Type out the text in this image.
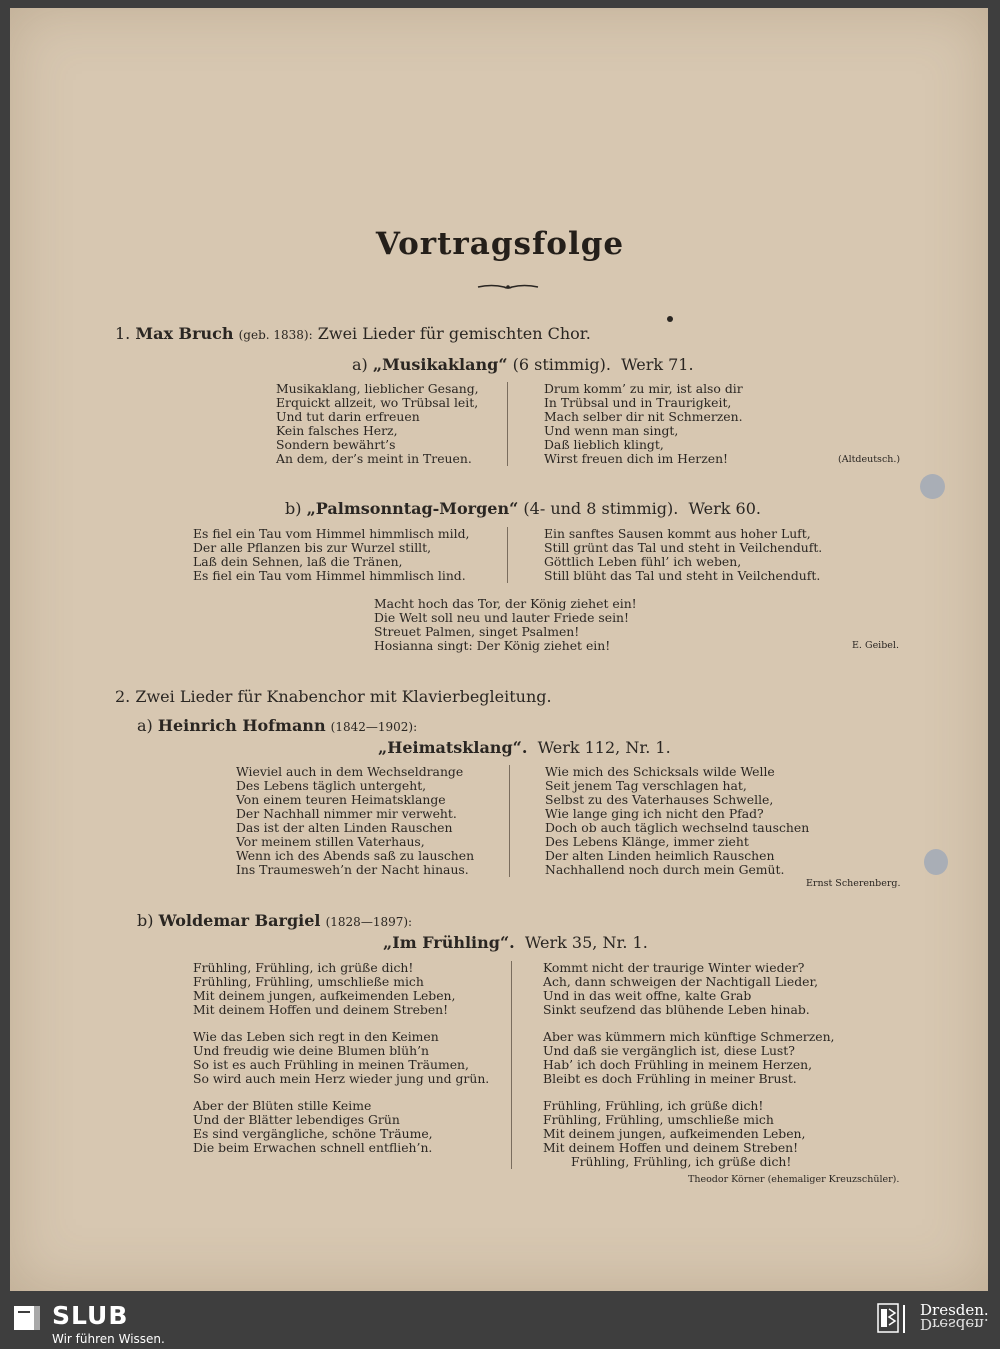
Vortragsfolge
1. Max Bruch (geb. 1838): Zwei Lieder für gemischten Chor.
a) „Musikaklang“ (6 stimmig). Werk 71.
Musikaklang, lieblicher Gesang,
Erquickt allzeit, wo Trübsal leit,
Und tut darin erfreuen
Kein falsches Herz,
Sondern bewährt’s
An dem, der’s meint in Treuen.
Drum komm’ zu mir, ist also dir
In Trübsal und in Traurigkeit,
Mach selber dir nit Schmerzen.
Und wenn man singt,
Daß lieblich klingt,
Wirst freuen dich im Herzen!	(Altdeutsch.)
b) „Palmsonntag-Morgen“ (4- und 8 stimmig). Werk 60.
Es fiel ein Tau vom Himmel himmlisch mild,
Der alle Pflanzen bis zur Wurzel stillt,
Laß dein Sehnen, laß die Tränen,
Es fiel ein Tau vom Himmel himmlisch lind.
Ein sanftes Sausen kommt aus hoher Luft,
Still grünt das Tal und steht in Veilchenduft.
Göttlich Leben fühl’ ich weben,
Still blüht das Tal und steht in Veilchenduft.
Macht hoch das Tor, der König ziehet ein!
Die Welt soll neu und lauter Friede sein!
Streuet Palmen, singet Psalmen!
Hosianna singt: Der König ziehet ein!	E. Geibel.
2. Zwei Lieder für Knabenchor mit Klavierbegleitung.
a) Heinrich Hofmann (1842—1902):
„Heimatsklang“. Werk 112, Nr. 1.
Wieviel auch in dem Wechseldrange
Des Lebens täglich untergeht,
Von einem teuren Heimatsklange
Der Nachhall nimmer mir verweht.
Das ist der alten Linden Rauschen
Vor meinem stillen Vaterhaus,
Wenn ich des Abends saß zu lauschen
Ins Traumesweh’n der Nacht hinaus.
Wie mich des Schicksals wilde Welle
Seit jenem Tag verschlagen hat,
Selbst zu des Vaterhauses Schwelle,
Wie lange ging ich nicht den Pfad?
Doch ob auch täglich wechselnd tauschen
Des Lebens Klänge, immer zieht
Der alten Linden heimlich Rauschen
Nachhallend noch durch mein Gemüt.
Ernst Scherenberg.
b) Woldemar Bargiel (1828—1897):
„Im Frühling“. Werk 35, Nr. 1.
Frühling, Frühling, ich grüße dich!
Frühling, Frühling, umschließe mich
Mit deinem jungen, aufkeimenden Leben,
Mit deinem Hoffen und deinem Streben!
Wie das Leben sich regt in den Keimen
Und freudig wie deine Blumen blüh’n
So ist es auch Frühling in meinen Träumen,
So wird auch mein Herz wieder jung und grün.
Aber der Blüten stille Keime
Und der Blätter lebendiges Grün
Es sind vergängliche, schöne Träume,
Die beim Erwachen schnell entflieh’n.
Kommt nicht der traurige Winter wieder?
Ach, dann schweigen der Nachtigall Lieder,
Und in das weit offne, kalte Grab
Sinkt seufzend das blühende Leben hinab.
Aber was kümmern mich künftige Schmerzen,
Und daß sie vergänglich ist, diese Lust?
Hab’ ich doch Frühling in meinem Herzen,
Bleibt es doch Frühling in meiner Brust.
Frühling, Frühling, ich grüße dich!
Frühling, Frühling, umschließe mich
Mit deinem jungen, aufkeimenden Leben,
Mit deinem Hoffen und deinem Streben!
Frühling, Frühling, ich grüße dich!
Theodor Körner (ehemaliger Kreuzschüler).
SLUB
Wir führen Wissen.
Dresden.
Dresden.
